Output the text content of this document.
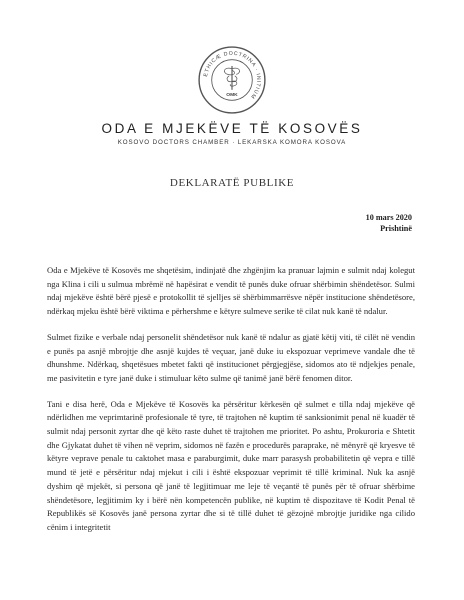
ETHICÆ DOCTRINA · INITIUM
OMK
ODA E MJEKËVE TË KOSOVËS
KOSOVO DOCTORS CHAMBER · LEKARSKA KOMORA KOSOVA
DEKLARATË PUBLIKE
10 mars 2020
Prishtinë

Oda e Mjekëve të Kosovës me shqetësim, indinjatë dhe zhgënjim ka pranuar lajmin e sulmit ndaj kolegut nga Klina i cili u sulmua mbrëmë në hapësirat e vendit të punës duke ofruar shërbimin shëndetësor. Sulmi ndaj mjekëve është bërë pjesë e protokollit të sjelljes së shërbimmarrësve nëpër institucione shëndetësore, ndërkaq mjeku është bërë viktima e përhershme e këtyre sulmeve serike të cilat nuk kanë të ndalur.

Sulmet fizike e verbale ndaj personelit shëndetësor nuk kanë të ndalur as gjatë këtij viti, të cilët në vendin e punës pa asnjë mbrojtje dhe asnjë kujdes të veçuar, janë duke iu ekspozuar veprimeve vandale dhe të dhunshme. Ndërkaq, shqetësues mbetet fakti që institucionet përgjegjëse, sidomos ato të ndjekjes penale, me pasivitetin e tyre janë duke i stimuluar këto sulme që tanimë janë bërë fenomen ditor.

Tani e disa herë, Oda e Mjekëve të Kosovës ka përsëritur kërkesën që sulmet e tilla ndaj mjekëve që ndërlidhen me veprimtarinë profesionale të tyre, të trajtohen në kuptim të sanksionimit penal në kuadër të sulmit ndaj personit zyrtar dhe që këto raste duhet të trajtohen me prioritet. Po ashtu, Prokuroria e Shtetit dhe Gjykatat duhet të vihen në veprim, sidomos në fazën e procedurës paraprake, në mënyrë që kryesve të këtyre veprave penale tu caktohet masa e paraburgimit, duke marr parasysh probabilitetin që vepra e tillë mund të jetë e përsëritur ndaj mjekut i cili i është ekspozuar veprimit të tillë kriminal. Nuk ka asnjë dyshim që mjekët, si persona që janë të legjitimuar me leje të veçantë të punës për të ofruar shërbime shëndetësore, legjitimim ky i bërë nën kompetencën publike, në kuptim të dispozitave të Kodit Penal të Republikës së Kosovës janë persona zyrtar dhe si të tillë duhet të gëzojnë mbrojtje juridike nga cilido cënim i integritetit
